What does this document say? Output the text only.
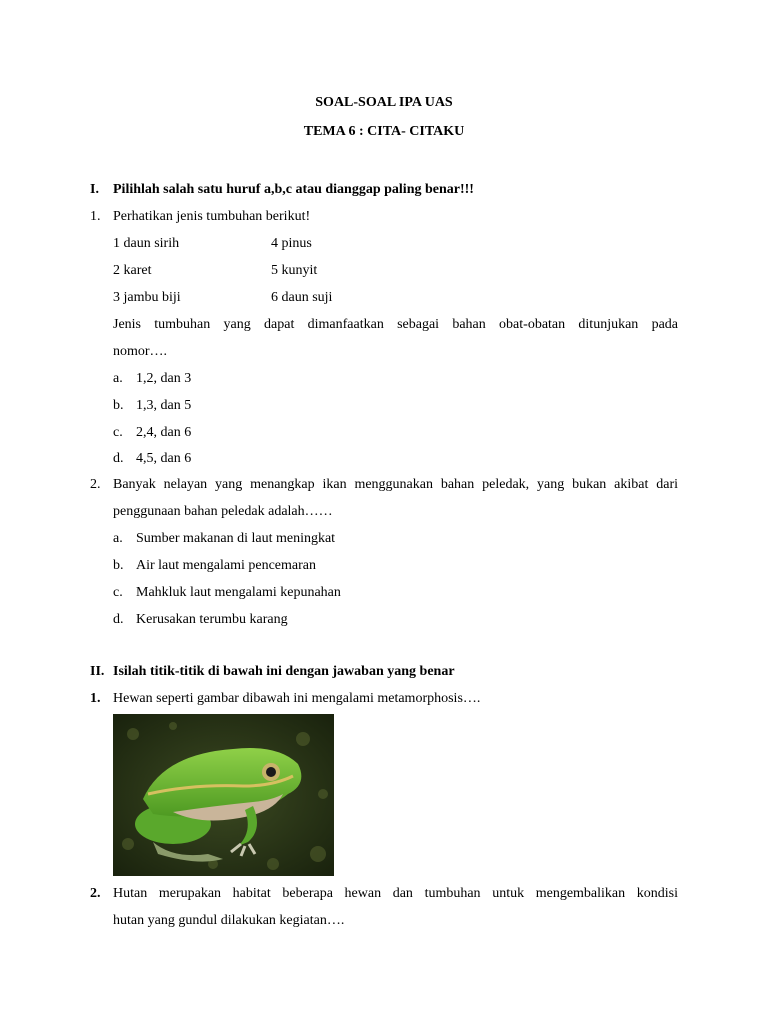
SOAL-SOAL IPA UAS
TEMA 6 : CITA- CITAKU
I. Pilihlah salah satu huruf a,b,c atau dianggap paling benar!!!
1. Perhatikan jenis tumbuhan berikut!
1 daun sirih	4 pinus
2 karet	5 kunyit
3 jambu biji	6 daun suji
Jenis tumbuhan yang dapat dimanfaatkan sebagai bahan obat-obatan ditunjukan pada
nomor….
a. 1,2, dan 3
b. 1,3, dan 5
c. 2,4, dan 6
d. 4,5, dan 6
2. Banyak nelayan yang menangkap ikan menggunakan bahan peledak, yang bukan akibat dari
penggunaan bahan peledak adalah……
a. Sumber makanan di laut meningkat
b. Air laut mengalami pencemaran
c. Mahkluk laut mengalami kepunahan
d. Kerusakan terumbu karang
II. Isilah titik-titik di bawah ini dengan jawaban yang benar
1. Hewan seperti gambar dibawah ini mengalami metamorphosis….
2. Hutan merupakan habitat beberapa hewan dan tumbuhan untuk mengembalikan kondisi
hutan yang gundul dilakukan kegiatan….
